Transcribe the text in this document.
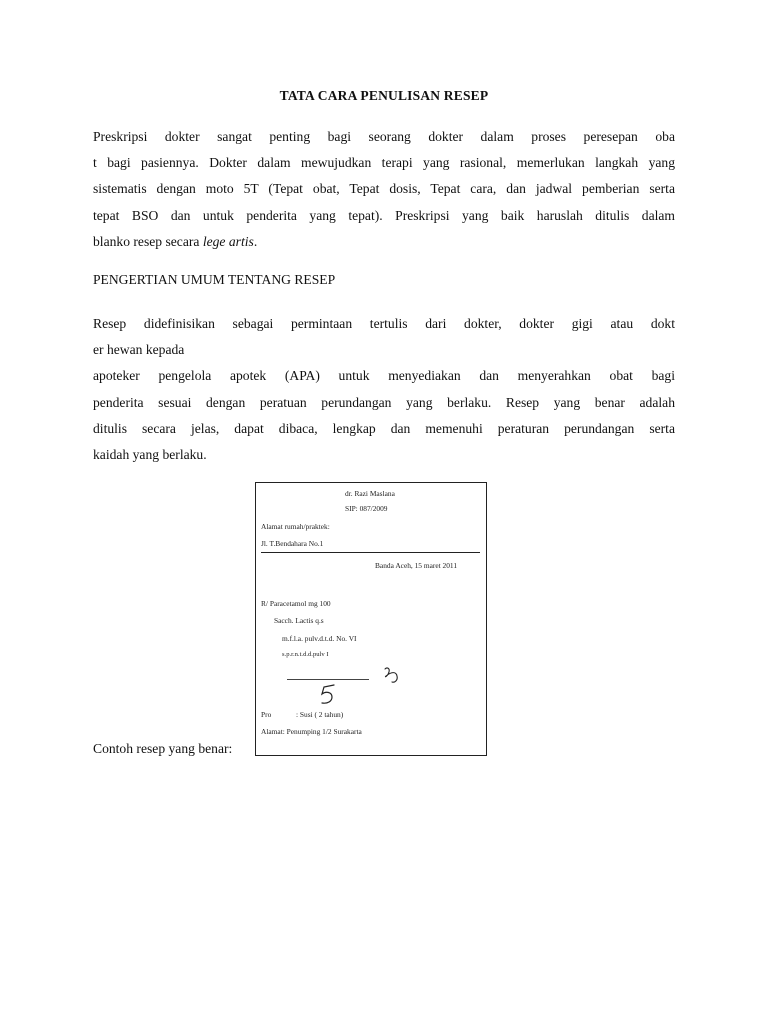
TATA CARA PENULISAN RESEP
Preskripsi dokter sangat penting bagi seorang dokter dalam proses peresepan oba
t bagi pasiennya. Dokter dalam mewujudkan terapi yang rasional, memerlukan langkah yang
sistematis dengan moto 5T (Tepat obat, Tepat dosis, Tepat cara, dan jadwal pemberian serta
tepat BSO dan untuk penderita yang tepat). Preskripsi yang baik haruslah ditulis dalam
blanko resep secara lege artis.
PENGERTIAN UMUM TENTANG RESEP
Resep didefinisikan sebagai permintaan tertulis dari dokter, dokter gigi atau dokt
er hewan kepada
apoteker pengelola apotek (APA) untuk menyediakan dan menyerahkan obat bagi
penderita sesuai dengan peratuan perundangan yang berlaku. Resep yang benar adalah
ditulis secara jelas, dapat dibaca, lengkap dan memenuhi peraturan perundangan serta
kaidah yang berlaku.
dr. Razi Maslana
SIP: 087/2009
Alamat rumah/praktek:
Jl. T.Bendahara No.1
Banda Aceh, 15 maret 2011
R/ Paracetamol mg 100
Sacch. Lactis q.s
m.f.l.a. pulv.d.t.d. No. VI
s.p.r.n.t.d.d.pulv I
Pro	: Susi ( 2 tahun)
Alamat: Penumping 1/2 Surakarta
Contoh resep yang benar:
